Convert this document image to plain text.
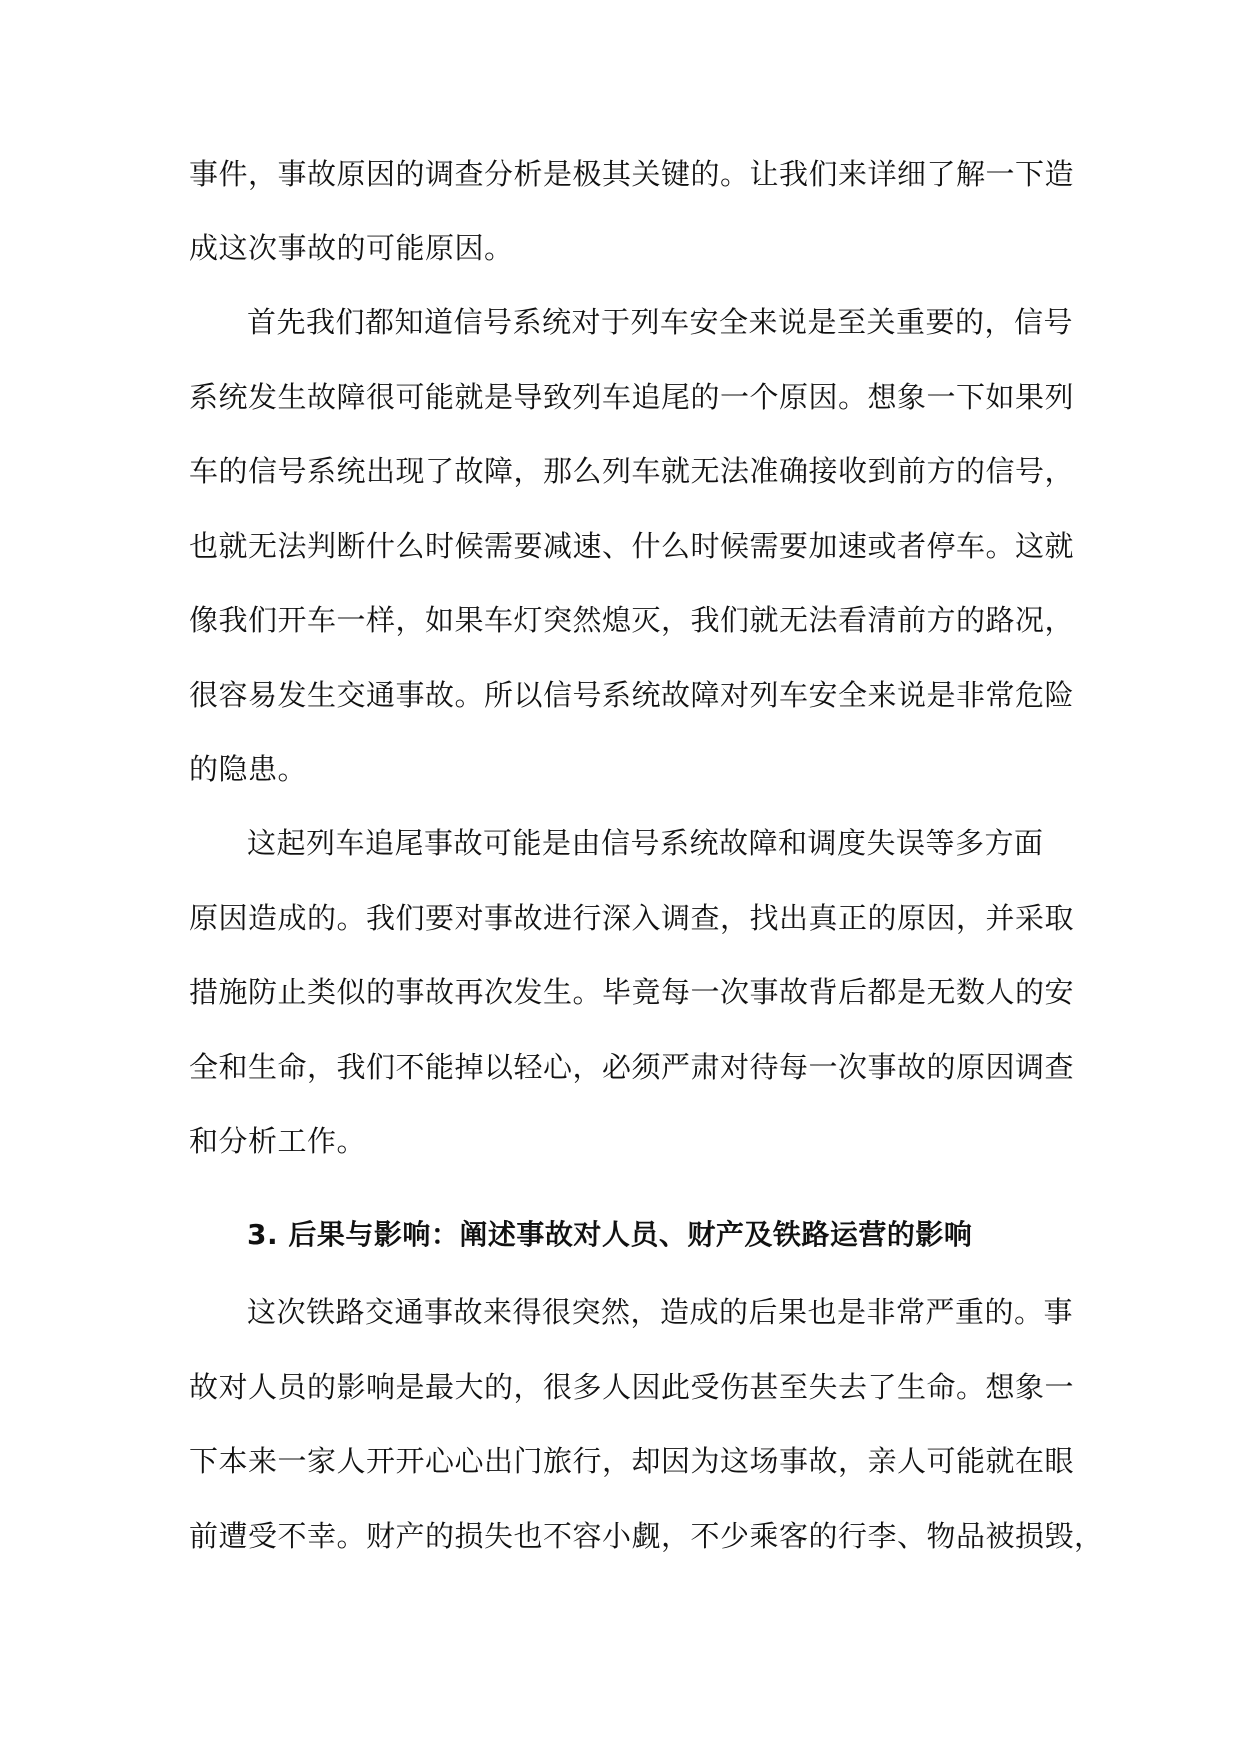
事件，事故原因的调查分析是极其关键的。让我们来详细了解一下造
成这次事故的可能原因。
首先我们都知道信号系统对于列车安全来说是至关重要的，信号
系统发生故障很可能就是导致列车追尾的一个原因。想象一下如果列
车的信号系统出现了故障，那么列车就无法准确接收到前方的信号，
也就无法判断什么时候需要减速、什么时候需要加速或者停车。这就
像我们开车一样，如果车灯突然熄灭，我们就无法看清前方的路况，
很容易发生交通事故。所以信号系统故障对列车安全来说是非常危险
的隐患。
这起列车追尾事故可能是由信号系统故障和调度失误等多方面
原因造成的。我们要对事故进行深入调查，找出真正的原因，并采取
措施防止类似的事故再次发生。毕竟每一次事故背后都是无数人的安
全和生命，我们不能掉以轻心，必须严肃对待每一次事故的原因调查
和分析工作。
3. 后果与影响：阐述事故对人员、财产及铁路运营的影响
这次铁路交通事故来得很突然，造成的后果也是非常严重的。事
故对人员的影响是最大的，很多人因此受伤甚至失去了生命。想象一
下本来一家人开开心心出门旅行，却因为这场事故，亲人可能就在眼
前遭受不幸。财产的损失也不容小觑，不少乘客的行李、物品被损毁，
